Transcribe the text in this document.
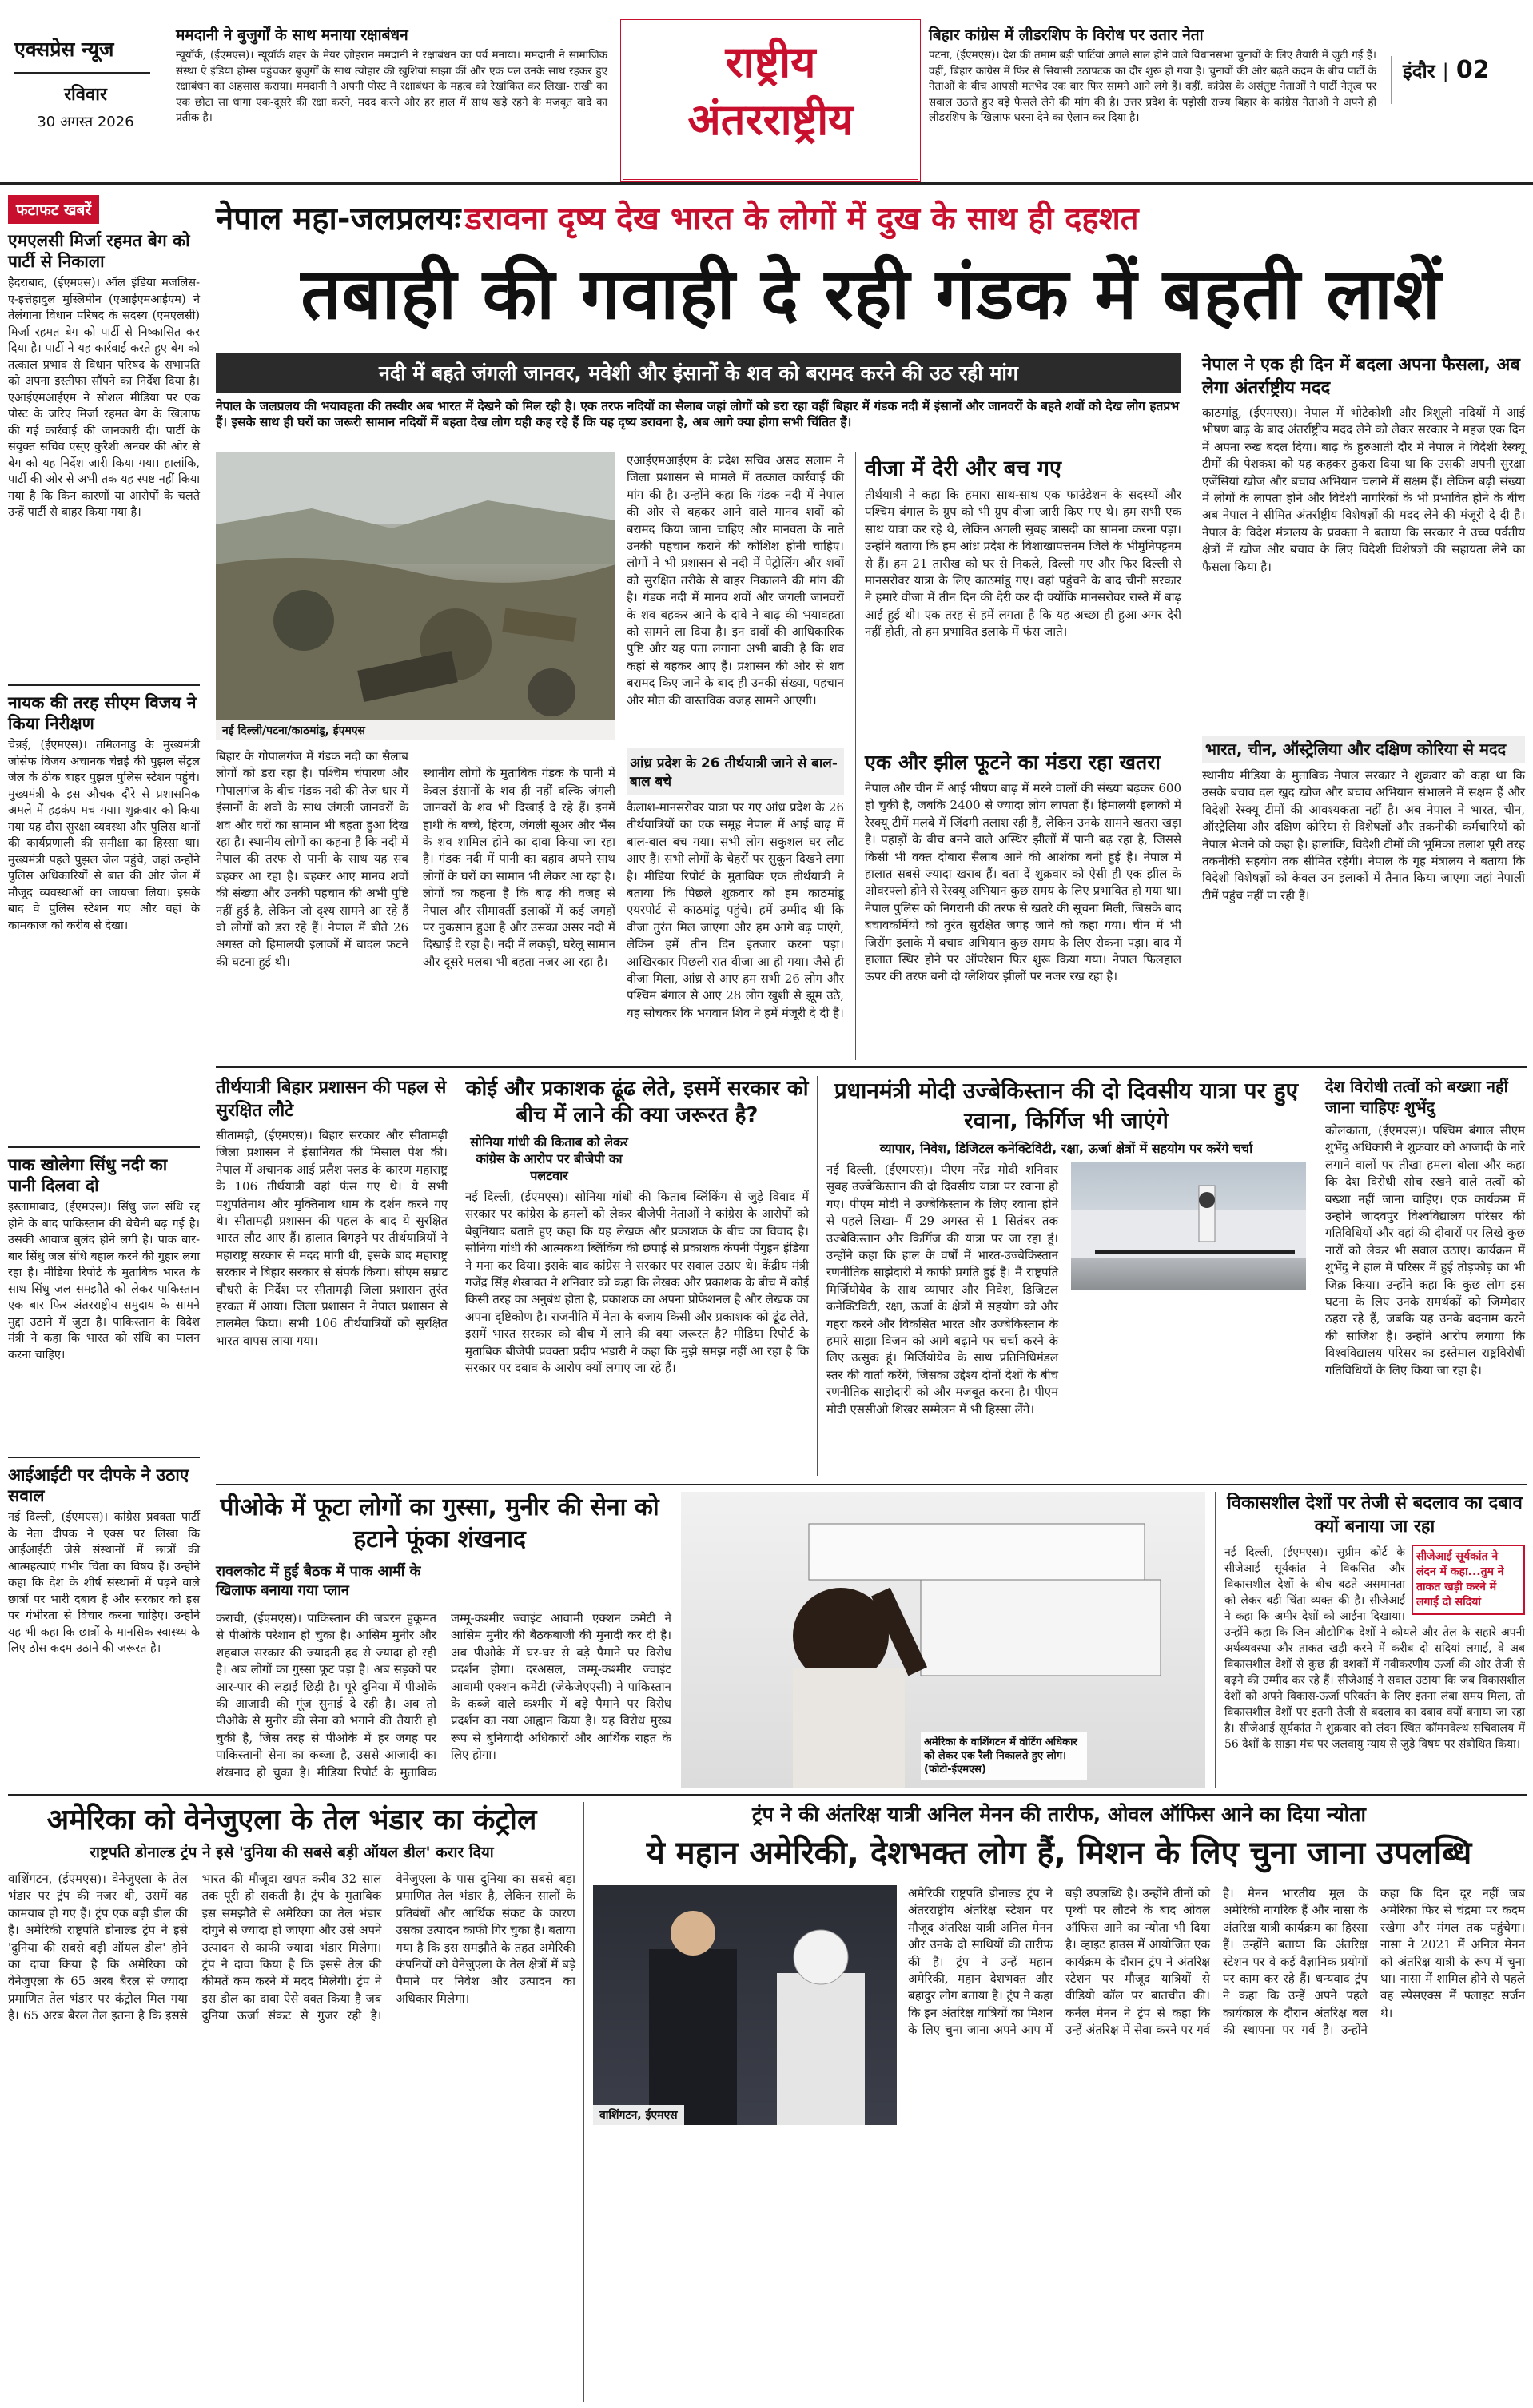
एक्सप्रेस न्यूज
रविवार
30 अगस्त 2026
ममदानी ने बुजुर्गों के साथ मनाया रक्षाबंधन
न्यूयॉर्क, (ईएमएस)। न्यूयॉर्क शहर के मेयर ज़ोहरान ममदानी ने रक्षाबंधन का पर्व मनाया। ममदानी ने सामाजिक संस्था ऐ इंडिया होम्स पहुंचकर बुजुर्गों के साथ त्योहार की खुशियां साझा कीं और एक पल उनके साथ रहकर हुए रक्षाबंधन का अहसास कराया। ममदानी ने अपनी पोस्ट में रक्षाबंधन के महत्व को रेखांकित कर लिखा- राखी का एक छोटा सा धागा एक-दूसरे की रक्षा करने, मदद करने और हर हाल में साथ खड़े रहने के मजबूत वादे का प्रतीक है।
राष्ट्रीय
अंतरराष्ट्रीय
बिहार कांग्रेस में लीडरशिप के विरोध पर उतार नेता
पटना, (ईएमएस)। देश की तमाम बड़ी पार्टियां अगले साल होने वाले विधानसभा चुनावों के लिए तैयारी में जुटी गई हैं। वहीं, बिहार कांग्रेस में फिर से सियासी उठापटक का दौर शुरू हो गया है। चुनावों की ओर बढ़ते कदम के बीच पार्टी के नेताओं के बीच आपसी मतभेद एक बार फिर सामने आने लगे हैं। वहीं, कांग्रेस के असंतुष्ट नेताओं ने पार्टी नेतृत्व पर सवाल उठाते हुए बड़े फैसले लेने की मांग की है। उत्तर प्रदेश के पड़ोसी राज्य बिहार के कांग्रेस नेताओं ने अपने ही लीडरशिप के खिलाफ धरना देने का ऐलान कर दिया है।
इंदौर | 02
फटाफट खबरें
एमएलसी मिर्जा रहमत बेग को पार्टी से निकाला
हैदराबाद, (ईएमएस)। ऑल इंडिया मजलिस-ए-इत्तेहादुल मुस्लिमीन (एआईएमआईएम) ने तेलंगाना विधान परिषद के सदस्य (एमएलसी) मिर्जा रहमत बेग को पार्टी से निष्कासित कर दिया है। पार्टी ने यह कार्रवाई करते हुए बेग को तत्काल प्रभाव से विधान परिषद के सभापति को अपना इस्तीफा सौंपने का निर्देश दिया है। एआईएमआईएम ने सोशल मीडिया पर एक पोस्ट के जरिए मिर्जा रहमत बेग के खिलाफ की गई कार्रवाई की जानकारी दी। पार्टी के संयुक्त सचिव एस्ए कुरैशी अनवर की ओर से बेग को यह निर्देश जारी किया गया। हालांकि, पार्टी की ओर से अभी तक यह स्पष्ट नहीं किया गया है कि किन कारणों या आरोपों के चलते उन्हें पार्टी से बाहर किया गया है।
नायक की तरह सीएम विजय ने किया निरीक्षण
चेन्नई, (ईएमएस)। तमिलनाडु के मुख्यमंत्री जोसेफ विजय अचानक चेन्नई की पुझल सेंट्रल जेल के ठीक बाहर पुझल पुलिस स्टेशन पहुंचे। मुख्यमंत्री के इस औचक दौरे से प्रशासनिक अमले में हड़कंप मच गया। शुक्रवार को किया गया यह दौरा सुरक्षा व्यवस्था और पुलिस थानों की कार्यप्रणाली की समीक्षा का हिस्सा था। मुख्यमंत्री पहले पुझल जेल पहुंचे, जहां उन्होंने पुलिस अधिकारियों से बात की और जेल में मौजूद व्यवस्थाओं का जायजा लिया। इसके बाद वे पुलिस स्टेशन गए और वहां के कामकाज को करीब से देखा।
पाक खोलेगा सिंधु नदी का पानी दिलवा दो
इस्लामाबाद, (ईएमएस)। सिंधु जल संधि रद्द होने के बाद पाकिस्तान की बेचैनी बढ़ गई है। उसकी आवाज बुलंद होने लगी है। पाक बार-बार सिंधु जल संधि बहाल करने की गुहार लगा रहा है। मीडिया रिपोर्ट के मुताबिक भारत के साथ सिंधु जल समझौते को लेकर पाकिस्तान एक बार फिर अंतरराष्ट्रीय समुदाय के सामने मुद्दा उठाने में जुटा है। पाकिस्तान के विदेश मंत्री ने कहा कि भारत को संधि का पालन करना चाहिए।
आईआईटी पर दीपके ने उठाए सवाल
नई दिल्ली, (ईएमएस)। कांग्रेस प्रवक्ता पार्टी के नेता दीपक ने एक्स पर लिखा कि आईआईटी जैसे संस्थानों में छात्रों की आत्महत्याएं गंभीर चिंता का विषय हैं। उन्होंने कहा कि देश के शीर्ष संस्थानों में पढ़ने वाले छात्रों पर भारी दबाव है और सरकार को इस पर गंभीरता से विचार करना चाहिए। उन्होंने यह भी कहा कि छात्रों के मानसिक स्वास्थ्य के लिए ठोस कदम उठाने की जरूरत है।
नेपाल महा-जलप्रलयः डरावना दृष्य देख भारत के लोगों में दुख के साथ ही दहशत
तबाही की गवाही दे रही गंडक में बहती लाशें
नदी में बहते जंगली जानवर, मवेशी और इंसानों के शव को बरामद करने की उठ रही मांग
नेपाल के जलप्रलय की भयावहता की तस्वीर अब भारत में देखने को मिल रही है। एक तरफ नदियों का सैलाब जहां लोगों को डरा रहा वहीं बिहार में गंडक नदी में इंसानों और जानवरों के बहते शवों को देख लोग हतप्रभ हैं। इसके साथ ही घरों का जरूरी सामान नदियों में बहता देख लोग यही कह रहे हैं कि यह दृष्य डरावना है, अब आगे क्या होगा सभी चिंतित हैं।
नई दिल्ली/पटना/काठमांडू, ईएमएस
एआईएमआईएम के प्रदेश सचिव असद सलाम ने जिला प्रशासन से मामले में तत्काल कार्रवाई की मांग की है। उन्होंने कहा कि गंडक नदी में नेपाल की ओर से बहकर आने वाले मानव शवों को बरामद किया जाना चाहिए और मानवता के नाते उनकी पहचान कराने की कोशिश होनी चाहिए। लोगों ने भी प्रशासन से नदी में पेट्रोलिंग और शवों को सुरक्षित तरीके से बाहर निकालने की मांग की है। गंडक नदी में मानव शवों और जंगली जानवरों के शव बहकर आने के दावे ने बाढ़ की भयावहता को सामने ला दिया है। इन दावों की आधिकारिक पुष्टि और यह पता लगाना अभी बाकी है कि शव कहां से बहकर आए हैं। प्रशासन की ओर से शव बरामद किए जाने के बाद ही उनकी संख्या, पहचान और मौत की वास्तविक वजह सामने आएगी।
बिहार के गोपालगंज में गंडक नदी का सैलाब लोगों को डरा रहा है। पश्चिम चंपारण और गोपालगंज के बीच गंडक नदी की तेज धार में इंसानों के शवों के साथ जंगली जानवरों के शव और घरों का सामान भी बहता हुआ दिख रहा है। स्थानीय लोगों का कहना है कि नदी में नेपाल की तरफ से पानी के साथ यह सब बहकर आ रहा है। बहकर आए मानव शवों की संख्या और उनकी पहचान की अभी पुष्टि नहीं हुई है, लेकिन जो दृश्य सामने आ रहे हैं वो लोगों को डरा रहे हैं। नेपाल में बीते 26 अगस्त को हिमालयी इलाकों में बादल फटने की घटना हुई थी।

स्थानीय लोगों के मुताबिक गंडक के पानी में केवल इंसानों के शव ही नहीं बल्कि जंगली जानवरों के शव भी दिखाई दे रहे हैं। इनमें हाथी के बच्चे, हिरण, जंगली सूअर और भैंस के शव शामिल होने का दावा किया जा रहा है। गंडक नदी में पानी का बहाव अपने साथ लोगों के घरों का सामान भी लेकर आ रहा है। लोगों का कहना है कि बाढ़ की वजह से नेपाल और सीमावर्ती इलाकों में कई जगहों पर नुकसान हुआ है और उसका असर नदी में दिखाई दे रहा है। नदी में लकड़ी, घरेलू सामान और दूसरे मलबा भी बहता नजर आ रहा है।
आंध्र प्रदेश के 26 तीर्थयात्री जाने से बाल-बाल बचे
कैलाश-मानसरोवर यात्रा पर गए आंध्र प्रदेश के 26 तीर्थयात्रियों का एक समूह नेपाल में आई बाढ़ में बाल-बाल बच गया। सभी लोग सकुशल घर लौट आए हैं। सभी लोगों के चेहरों पर सुकून दिखने लगा है। मीडिया रिपोर्ट के मुताबिक एक तीर्थयात्री ने बताया कि पिछले शुक्रवार को हम काठमांडू एयरपोर्ट से काठमांडू पहुंचे। हमें उम्मीद थी कि वीजा तुरंत मिल जाएगा और हम आगे बढ़ पाएंगे, लेकिन हमें तीन दिन इंतजार करना पड़ा। आखिरकार पिछली रात वीजा आ ही गया। जैसे ही वीजा मिला, आंध्र से आए हम सभी 26 लोग और पश्चिम बंगाल से आए 28 लोग खुशी से झूम उठे, यह सोचकर कि भगवान शिव ने हमें मंजूरी दे दी है।
वीजा में देरी और बच गए
तीर्थयात्री ने कहा कि हमारा साथ-साथ एक फाउंडेशन के सदस्यों और पश्चिम बंगाल के ग्रुप को भी ग्रुप वीजा जारी किए गए थे। हम सभी एक साथ यात्रा कर रहे थे, लेकिन अगली सुबह त्रासदी का सामना करना पड़ा। उन्होंने बताया कि हम आंध्र प्रदेश के विशाखापत्तनम जिले के भीमुनिपट्टनम से हैं। हम 21 तारीख को घर से निकले, दिल्ली गए और फिर दिल्ली से मानसरोवर यात्रा के लिए काठमांडू गए। वहां पहुंचने के बाद चीनी सरकार ने हमारे वीजा में तीन दिन की देरी कर दी क्योंकि मानसरोवर रास्ते में बाढ़ आई हुई थी। एक तरह से हमें लगता है कि यह अच्छा ही हुआ अगर देरी नहीं होती, तो हम प्रभावित इलाके में फंस जाते।
एक और झील फूटने का मंडरा रहा खतरा
नेपाल और चीन में आई भीषण बाढ़ में मरने वालों की संख्या बढ़कर 600 हो चुकी है, जबकि 2400 से ज्यादा लोग लापता हैं। हिमालयी इलाकों में रेस्क्यू टीमें मलबे में जिंदगी तलाश रही हैं, लेकिन उनके सामने खतरा खड़ा है। पहाड़ों के बीच बनने वाले अस्थिर झीलों में पानी बढ़ रहा है, जिससे किसी भी वक्त दोबारा सैलाब आने की आशंका बनी हुई है। नेपाल में हालात सबसे ज्यादा खराब हैं। बता दें शुक्रवार को ऐसी ही एक झील के ओवरफ्लो होने से रेस्क्यू अभियान कुछ समय के लिए प्रभावित हो गया था। नेपाल पुलिस को निगरानी की तरफ से खतरे की सूचना मिली, जिसके बाद बचावकर्मियों को तुरंत सुरक्षित जगह जाने को कहा गया। चीन में भी जिरोंग इलाके में बचाव अभियान कुछ समय के लिए रोकना पड़ा। बाद में हालात स्थिर होने पर ऑपरेशन फिर शुरू किया गया। नेपाल फिलहाल ऊपर की तरफ बनी दो ग्लेशियर झीलों पर नजर रख रहा है।
नेपाल ने एक ही दिन में बदला अपना फैसला, अब लेगा अंतर्राष्ट्रीय मदद
काठमांडू, (ईएमएस)। नेपाल में भोटेकोशी और त्रिशूली नदियों में आई भीषण बाढ़ के बाद अंतर्राष्ट्रीय मदद लेने को लेकर सरकार ने महज एक दिन में अपना रुख बदल दिया। बाढ़ के हुरुआती दौर में नेपाल ने विदेशी रेस्क्यू टीमों की पेशकश को यह कहकर ठुकरा दिया था कि उसकी अपनी सुरक्षा एजेंसियां खोज और बचाव अभियान चलाने में सक्षम हैं। लेकिन बढ़ी संख्या में लोगों के लापता होने और विदेशी नागरिकों के भी प्रभावित होने के बीच अब नेपाल ने सीमित अंतर्राष्ट्रीय विशेषज्ञों की मदद लेने की मंजूरी दे दी है। नेपाल के विदेश मंत्रालय के प्रवक्ता ने बताया कि सरकार ने उच्च पर्वतीय क्षेत्रों में खोज और बचाव के लिए विदेशी विशेषज्ञों की सहायता लेने का फैसला किया है।
भारत, चीन, ऑस्ट्रेलिया और दक्षिण कोरिया से मदद
स्थानीय मीडिया के मुताबिक नेपाल सरकार ने शुक्रवार को कहा था कि उसके बचाव दल खुद खोज और बचाव अभियान संभालने में सक्षम हैं और विदेशी रेस्क्यू टीमों की आवश्यकता नहीं है। अब नेपाल ने भारत, चीन, ऑस्ट्रेलिया और दक्षिण कोरिया से विशेषज्ञों और तकनीकी कर्मचारियों को नेपाल भेजने को कहा है। हालांकि, विदेशी टीमों की भूमिका तलाश पूरी तरह तकनीकी सहयोग तक सीमित रहेगी। नेपाल के गृह मंत्रालय ने बताया कि विदेशी विशेषज्ञों को केवल उन इलाकों में तैनात किया जाएगा जहां नेपाली टीमें पहुंच नहीं पा रही हैं।
तीर्थयात्री बिहार प्रशासन की पहल से सुरक्षित लौटे
सीतामढ़ी, (ईएमएस)। बिहार सरकार और सीतामढ़ी जिला प्रशासन ने इंसानियत की मिसाल पेश की। नेपाल में अचानक आई प्रलैश फ्लड के कारण महाराष्ट्र के 106 तीर्थयात्री वहां फंस गए थे। ये सभी पशुपतिनाथ और मुक्तिनाथ धाम के दर्शन करने गए थे। सीतामढ़ी प्रशासन की पहल के बाद ये सुरक्षित भारत लौट आए हैं। हालात बिगड़ने पर तीर्थयात्रियों ने महाराष्ट्र सरकार से मदद मांगी थी, इसके बाद महाराष्ट्र सरकार ने बिहार सरकार से संपर्क किया। सीएम सम्राट चौधरी के निर्देश पर सीतामढ़ी जिला प्रशासन तुरंत हरकत में आया। जिला प्रशासन ने नेपाल प्रशासन से तालमेल किया। सभी 106 तीर्थयात्रियों को सुरक्षित भारत वापस लाया गया।
कोई और प्रकाशक ढूंढ लेते, इसमें सरकार को बीच में लाने की क्या जरूरत है?
सोनिया गांधी की किताब को लेकर कांग्रेस के आरोप पर बीजेपी का पलटवार
नई दिल्ली, (ईएमएस)। सोनिया गांधी की किताब ब्लिंकिंग से जुड़े विवाद में सरकार पर कांग्रेस के हमलों को लेकर बीजेपी नेताओं ने कांग्रेस के आरोपों को बेबुनियाद बताते हुए कहा कि यह लेखक और प्रकाशक के बीच का विवाद है। सोनिया गांधी की आत्मकथा ब्लिंकिंग की छपाई से प्रकाशक कंपनी पेंगुइन इंडिया ने मना कर दिया। इसके बाद कांग्रेस ने सरकार पर सवाल उठाए थे। केंद्रीय मंत्री गजेंद्र सिंह शेखावत ने शनिवार को कहा कि लेखक और प्रकाशक के बीच में कोई किसी तरह का अनुबंध होता है, प्रकाशक का अपना प्रोफेशनल है और लेखक का अपना दृष्टिकोण है। राजनीति में नेता के बजाय किसी और प्रकाशक को ढूंढ लेते, इसमें भारत सरकार को बीच में लाने की क्या जरूरत है? मीडिया रिपोर्ट के मुताबिक बीजेपी प्रवक्ता प्रदीप भंडारी ने कहा कि मुझे समझ नहीं आ रहा है कि सरकार पर दबाव के आरोप क्यों लगाए जा रहे हैं।
प्रधानमंत्री मोदी उज्बेकिस्तान की दो दिवसीय यात्रा पर हुए रवाना, किर्गिज भी जाएंगे
व्यापार, निवेश, डिजिटल कनेक्टिविटी, रक्षा, ऊर्जा क्षेत्रों में सहयोग पर करेंगे चर्चा
नई दिल्ली, (ईएमएस)। पीएम नरेंद्र मोदी शनिवार सुबह उज्बेकिस्तान की दो दिवसीय यात्रा पर रवाना हो गए। पीएम मोदी ने उज्बेकिस्तान के लिए रवाना होने से पहले लिखा- मैं 29 अगस्त से 1 सितंबर तक उज्बेकिस्तान और किर्गिज की यात्रा पर जा रहा हूं। उन्होंने कहा कि हाल के वर्षों में भारत-उज्बेकिस्तान रणनीतिक साझेदारी में काफी प्रगति हुई है। मैं राष्ट्रपति मिर्जियोयेव के साथ व्यापार और निवेश, डिजिटल कनेक्टिविटी, रक्षा, ऊर्जा के क्षेत्रों में सहयोग को और गहरा करने और विकसित भारत और उज्बेकिस्तान के हमारे साझा विजन को आगे बढ़ाने पर चर्चा करने के लिए उत्सुक हूं। मिर्जियोयेव के साथ प्रतिनिधिमंडल स्तर की वार्ता करेंगे, जिसका उद्देश्य दोनों देशों के बीच रणनीतिक साझेदारी को और मजबूत करना है। पीएम मोदी एससीओ शिखर सम्मेलन में भी हिस्सा लेंगे।
देश विरोधी तत्वों को बख्शा नहीं जाना चाहिएः शुभेंदु
कोलकाता, (ईएमएस)। पश्चिम बंगाल सीएम शुभेंदु अधिकारी ने शुक्रवार को आजादी के नारे लगाने वालों पर तीखा हमला बोला और कहा कि देश विरोधी सोच रखने वाले तत्वों को बख्शा नहीं जाना चाहिए। एक कार्यक्रम में उन्होंने जादवपुर विश्वविद्यालय परिसर की गतिविधियों और वहां की दीवारों पर लिखे कुछ नारों को लेकर भी सवाल उठाए। कार्यक्रम में शुभेंदु ने हाल में परिसर में हुई तोड़फोड़ का भी जिक्र किया। उन्होंने कहा कि कुछ लोग इस घटना के लिए उनके समर्थकों को जिम्मेदार ठहरा रहे हैं, जबकि यह उनके बदनाम करने की साजिश है। उन्होंने आरोप लगाया कि विश्वविद्यालय परिसर का इस्तेमाल राष्ट्रविरोधी गतिविधियों के लिए किया जा रहा है।
पीओके में फूटा लोगों का गुस्सा, मुनीर की सेना को हटाने फूंका शंखनाद
रावलकोट में हुई बैठक में पाक आर्मी के खिलाफ बनाया गया प्लान
कराची, (ईएमएस)। पाकिस्तान की जबरन हुकूमत से पीओके परेशान हो चुका है। आसिम मुनीर और शहबाज सरकार की ज्यादती हद से ज्यादा हो रही है। अब लोगों का गुस्सा फूट पड़ा है। अब सड़कों पर आर-पार की लड़ाई छिड़ी है। पूरे दुनिया में पीओके की आजादी की गूंज सुनाई दे रही है। अब तो पीओके से मुनीर की सेना को भगाने की तैयारी हो चुकी है, जिस तरह से पीओके में हर जगह पर पाकिस्तानी सेना का कब्जा है, उससे आजादी का शंखनाद हो चुका है। मीडिया रिपोर्ट के मुताबिक जम्मू-कश्मीर ज्वाइंट आवामी एक्शन कमेटी ने आसिम मुनीर की बैठकबाजी की मुनादी कर दी है। अब पीओके में घर-घर से बड़े पैमाने पर विरोध प्रदर्शन होगा। दरअसल, जम्मू-कश्मीर ज्वाइंट आवामी एक्शन कमेटी (जेकेजेएएसी) ने पाकिस्तान के कब्जे वाले कश्मीर में बड़े पैमाने पर विरोध प्रदर्शन का नया आह्वान किया है। यह विरोध मुख्य रूप से बुनियादी अधिकारों और आर्थिक राहत के लिए होगा।
अमेरिका के वाशिंगटन में वोटिंग अधिकार को लेकर एक रैली निकालते हुए लोग। (फोटो-ईएमएस)
विकासशील देशों पर तेजी से बदलाव का दबाव क्यों बनाया जा रहा
सीजेआई सूर्यकांत ने लंदन में कहा...तुम ने ताकत खड़ी करने में लगाईं दो सदियां
नई दिल्ली, (ईएमएस)। सुप्रीम कोर्ट के सीजेआई सूर्यकांत ने विकसित और विकासशील देशों के बीच बढ़ते असमानता को लेकर बड़ी चिंता व्यक्त की है। सीजेआई ने कहा कि अमीर देशों को आईना दिखाया। उन्होंने कहा कि जिन औद्योगिक देशों ने कोयले और तेल के सहारे अपनी अर्थव्यवस्था और ताकत खड़ी करने में करीब दो सदियां लगाईं, वे अब विकासशील देशों से कुछ ही दशकों में नवीकरणीय ऊर्जा की ओर तेजी से बढ़ने की उम्मीद कर रहे हैं। सीजेआई ने सवाल उठाया कि जब विकासशील देशों को अपने विकास-ऊर्जा परिवर्तन के लिए इतना लंबा समय मिला, तो विकासशील देशों पर इतनी तेजी से बदलाव का दबाव क्यों बनाया जा रहा है। सीजेआई सूर्यकांत ने शुक्रवार को लंदन स्थित कॉमनवेल्थ सचिवालय में 56 देशों के साझा मंच पर जलवायु न्याय से जुड़े विषय पर संबोधित किया।
अमेरिका को वेनेजुएला के तेल भंडार का कंट्रोल
राष्ट्रपति डोनाल्ड ट्रंप ने इसे 'दुनिया की सबसे बड़ी ऑयल डील' करार दिया
वाशिंगटन, (ईएमएस)। वेनेजुएला के तेल भंडार पर ट्रंप की नजर थी, उसमें वह कामयाब हो गए हैं। ट्रंप एक बड़ी डील की है। अमेरिकी राष्ट्रपति डोनाल्ड ट्रंप ने इसे 'दुनिया की सबसे बड़ी ऑयल डील' होने का दावा किया है कि अमेरिका को वेनेजुएला के 65 अरब बैरल से ज्यादा प्रमाणित तेल भंडार पर कंट्रोल मिल गया है। 65 अरब बैरल तेल इतना है कि इससे भारत की मौजूदा खपत करीब 32 साल तक पूरी हो सकती है। ट्रंप के मुताबिक इस समझौते से अमेरिका का तेल भंडार दोगुने से ज्यादा हो जाएगा और उसे अपने उत्पादन से काफी ज्यादा भंडार मिलेगा। ट्रंप ने दावा किया है कि इससे तेल की कीमतें कम करने में मदद मिलेगी। ट्रंप ने इस डील का दावा ऐसे वक्त किया है जब दुनिया ऊर्जा संकट से गुजर रही है। वेनेजुएला के पास दुनिया का सबसे बड़ा प्रमाणित तेल भंडार है, लेकिन सालों के प्रतिबंधों और आर्थिक संकट के कारण उसका उत्पादन काफी गिर चुका है। बताया गया है कि इस समझौते के तहत अमेरिकी कंपनियों को वेनेजुएला के तेल क्षेत्रों में बड़े पैमाने पर निवेश और उत्पादन का अधिकार मिलेगा।
ट्रंप ने की अंतरिक्ष यात्री अनिल मेनन की तारीफ, ओवल ऑफिस आने का दिया न्योता
ये महान अमेरिकी, देशभक्त लोग हैं, मिशन के लिए चुना जाना उपलब्धि
वाशिंगटन, ईएमएस
अमेरिकी राष्ट्रपति डोनाल्ड ट्रंप ने अंतरराष्ट्रीय अंतरिक्ष स्टेशन पर मौजूद अंतरिक्ष यात्री अनिल मेनन और उनके दो साथियों की तारीफ की है। ट्रंप ने उन्हें महान अमेरिकी, महान देशभक्त और बहादुर लोग बताया है। ट्रंप ने कहा कि इन अंतरिक्ष यात्रियों का मिशन के लिए चुना जाना अपने आप में बड़ी उपलब्धि है। उन्होंने तीनों को पृथ्वी पर लौटने के बाद ओवल ऑफिस आने का न्योता भी दिया है। व्हाइट हाउस में आयोजित एक कार्यक्रम के दौरान ट्रंप ने अंतरिक्ष स्टेशन पर मौजूद यात्रियों से वीडियो कॉल पर बातचीत की। कर्नल मेनन ने ट्रंप से कहा कि उन्हें अंतरिक्ष में सेवा करने पर गर्व है। मेनन भारतीय मूल के अमेरिकी नागरिक हैं और नासा के अंतरिक्ष यात्री कार्यक्रम का हिस्सा हैं। उन्होंने बताया कि अंतरिक्ष स्टेशन पर वे कई वैज्ञानिक प्रयोगों पर काम कर रहे हैं। धन्यवाद ट्रंप ने कहा कि उन्हें अपने पहले कार्यकाल के दौरान अंतरिक्ष बल की स्थापना पर गर्व है। उन्होंने कहा कि दिन दूर नहीं जब अमेरिका फिर से चंद्रमा पर कदम रखेगा और मंगल तक पहुंचेगा। नासा ने 2021 में अनिल मेनन को अंतरिक्ष यात्री के रूप में चुना था। नासा में शामिल होने से पहले वह स्पेसएक्स में फ्लाइट सर्जन थे।
